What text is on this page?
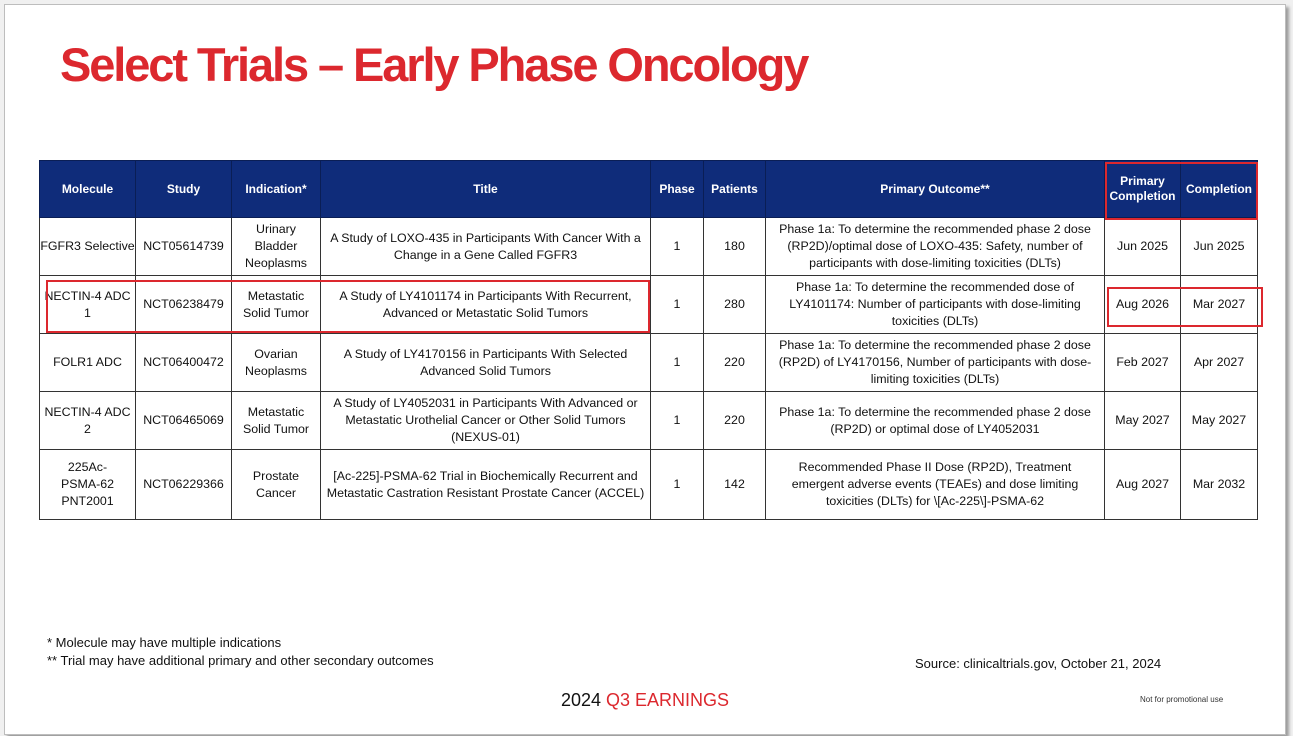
Select Trials – Early Phase Oncology
Molecule	Study	Indication*	Title	Phase	Patients	Primary Outcome**	Primary Completion	Completion
FGFR3 Selective	NCT05614739	Urinary Bladder Neoplasms	A Study of LOXO-435 in Participants With Cancer With a Change in a Gene Called FGFR3	1	180	Phase 1a: To determine the recommended phase 2 dose (RP2D)/optimal dose of LOXO-435: Safety, number of participants with dose-limiting toxicities (DLTs)	Jun 2025	Jun 2025
NECTIN-4 ADC 1	NCT06238479	Metastatic Solid Tumor	A Study of LY4101174 in Participants With Recurrent, Advanced or Metastatic Solid Tumors	1	280	Phase 1a: To determine the recommended dose of LY4101174: Number of participants with dose-limiting toxicities (DLTs)	Aug 2026	Mar 2027
FOLR1 ADC	NCT06400472	Ovarian Neoplasms	A Study of LY4170156 in Participants With Selected Advanced Solid Tumors	1	220	Phase 1a: To determine the recommended phase 2 dose (RP2D) of LY4170156, Number of participants with dose-limiting toxicities (DLTs)	Feb 2027	Apr 2027
NECTIN-4 ADC 2	NCT06465069	Metastatic Solid Tumor	A Study of LY4052031 in Participants With Advanced or Metastatic Urothelial Cancer or Other Solid Tumors (NEXUS-01)	1	220	Phase 1a: To determine the recommended phase 2 dose (RP2D) or optimal dose of LY4052031	May 2027	May 2027
225Ac-PSMA-62 PNT2001	NCT06229366	Prostate Cancer	[Ac-225]-PSMA-62 Trial in Biochemically Recurrent and Metastatic Castration Resistant Prostate Cancer (ACCEL)	1	142	Recommended Phase II Dose (RP2D), Treatment emergent adverse events (TEAEs) and dose limiting toxicities (DLTs) for \[Ac-225\]-PSMA-62	Aug 2027	Mar 2032
* Molecule may have multiple indications
** Trial may have additional primary and other secondary outcomes	Source: clinicaltrials.gov, October 21, 2024
2024 Q3 EARNINGS	Not for promotional use
